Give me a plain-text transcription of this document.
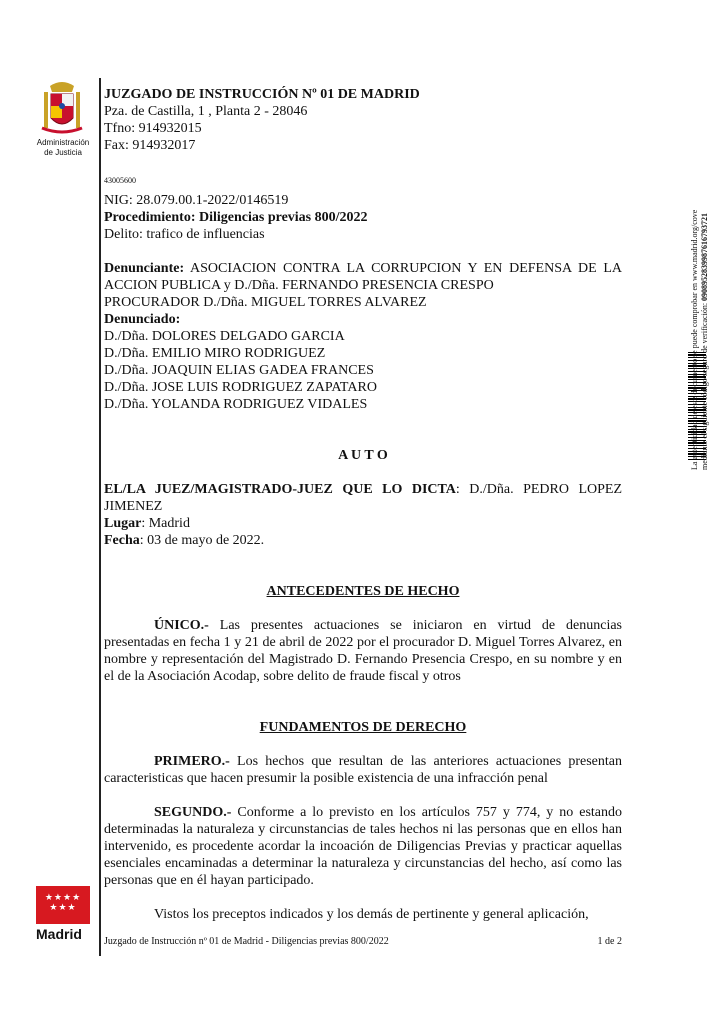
Administración
de Justicia
★★★★ ★★★
Madrid
La autenticidad de este documento se puede comprobar en www.madrid.org/cove mediante el siguiente código seguro de verificación: 0908952839987616793721

JUZGADO DE INSTRUCCIÓN Nº 01 DE MADRID

Pza. de Castilla, 1 , Planta 2 - 28046

Tfno: 914932015

Fax: 914932017

43005600

NIG: 28.079.00.1-2022/0146519

Procedimiento: Diligencias previas 800/2022

Delito: trafico de influencias

Denunciante: ASOCIACION CONTRA LA CORRUPCION Y EN DEFENSA DE LA ACCION PUBLICA y D./Dña. FERNANDO PRESENCIA CRESPO

PROCURADOR D./Dña. MIGUEL TORRES ALVAREZ

Denunciado:

D./Dña. DOLORES DELGADO GARCIA

D./Dña. EMILIO MIRO RODRIGUEZ

D./Dña. JOAQUIN ELIAS GADEA FRANCES

D./Dña. JOSE LUIS RODRIGUEZ ZAPATARO

D./Dña. YOLANDA RODRIGUEZ VIDALES

A U T O

EL/LA JUEZ/MAGISTRADO-JUEZ QUE LO DICTA: D./Dña. PEDRO LOPEZ JIMENEZ

Lugar: Madrid

Fecha: 03 de mayo de 2022.

ANTECEDENTES DE HECHO

ÚNICO.- Las presentes actuaciones se iniciaron en virtud de denuncias presentadas en fecha 1 y 21 de abril de 2022 por el procurador D. Miguel Torres Alvarez, en nombre y representación del Magistrado D. Fernando Presencia Crespo, en su nombre y en el de la Asociación Acodap, sobre delito de fraude fiscal y otros

FUNDAMENTOS DE DERECHO

PRIMERO.- Los hechos que resultan de las anteriores actuaciones presentan caracteristicas que hacen presumir la posible existencia de una infracción penal

SEGUNDO.- Conforme a lo previsto en los artículos 757 y 774, y no estando determinadas la naturaleza y circunstancias de tales hechos ni las personas que en ellos han intervenido, es procedente acordar la incoación de Diligencias Previas y practicar aquellas esenciales encaminadas a determinar la naturaleza y circunstancias del hecho, así como las personas que en él hayan participado.

Vistos los preceptos indicados y los demás de pertinente y general aplicación,

Juzgado de Instrucción nº 01 de Madrid - Diligencias previas 800/2022	1 de 2
